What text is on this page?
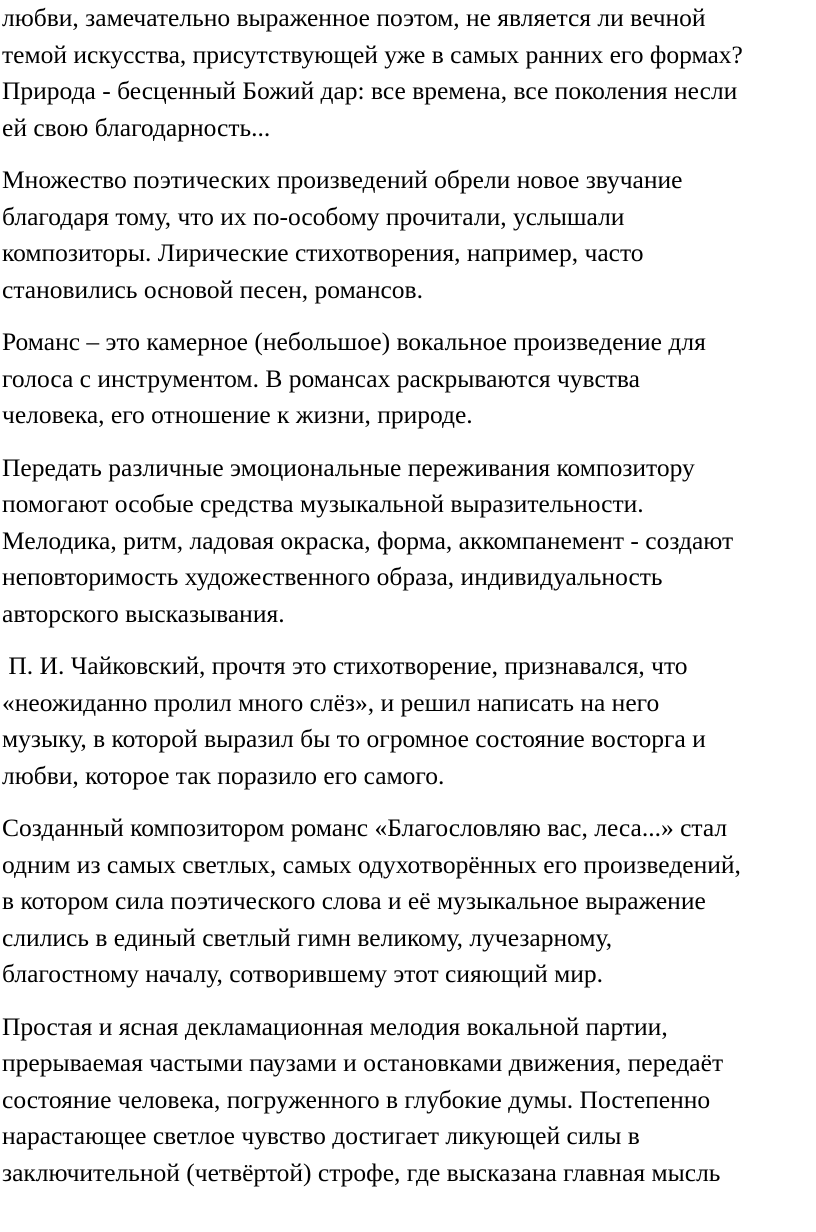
любви, замечательно выраженное поэтом, не является ли вечной
темой искусства, присутствующей уже в самых ранних его формах?
Природа - бесценный Божий дар: все времена, все поколения несли
ей свою благодарность...
Множество поэтических произведений обрели новое звучание
благодаря тому, что их по-особому прочитали, услышали
композиторы. Лирические стихотворения, например, часто
становились основой песен, романсов.
Романс – это камерное (небольшое) вокальное произведение для
голоса с инструментом. В романсах раскрываются чувства
человека, его отношение к жизни, природе.
Передать различные эмоциональные переживания композитору
помогают особые средства музыкальной выразительности.
Мелодика, ритм, ладовая окраска, форма, аккомпанемент - создают
неповторимость художественного образа, индивидуальность
авторского высказывания.
П. И. Чайковский, прочтя это стихотворение, признавался, что
«неожиданно пролил много слёз», и решил написать на него
музыку, в которой выразил бы то огромное состояние восторга и
любви, которое так поразило его самого.
Созданный композитором романс «Благословляю вас, леса...» стал
одним из самых светлых, самых одухотворённых его произведений,
в котором сила поэтического слова и её музыкальное выражение
слились в единый светлый гимн великому, лучезарному,
благостному началу, сотворившему этот сияющий мир.
Простая и ясная декламационная мелодия вокальной партии,
прерываемая частыми паузами и остановками движения, передаёт
состояние человека, погруженного в глубокие думы. Постепенно
нарастающее светлое чувство достигает ликующей силы в
заключительной (четвёртой) строфе, где высказана главная мысль
